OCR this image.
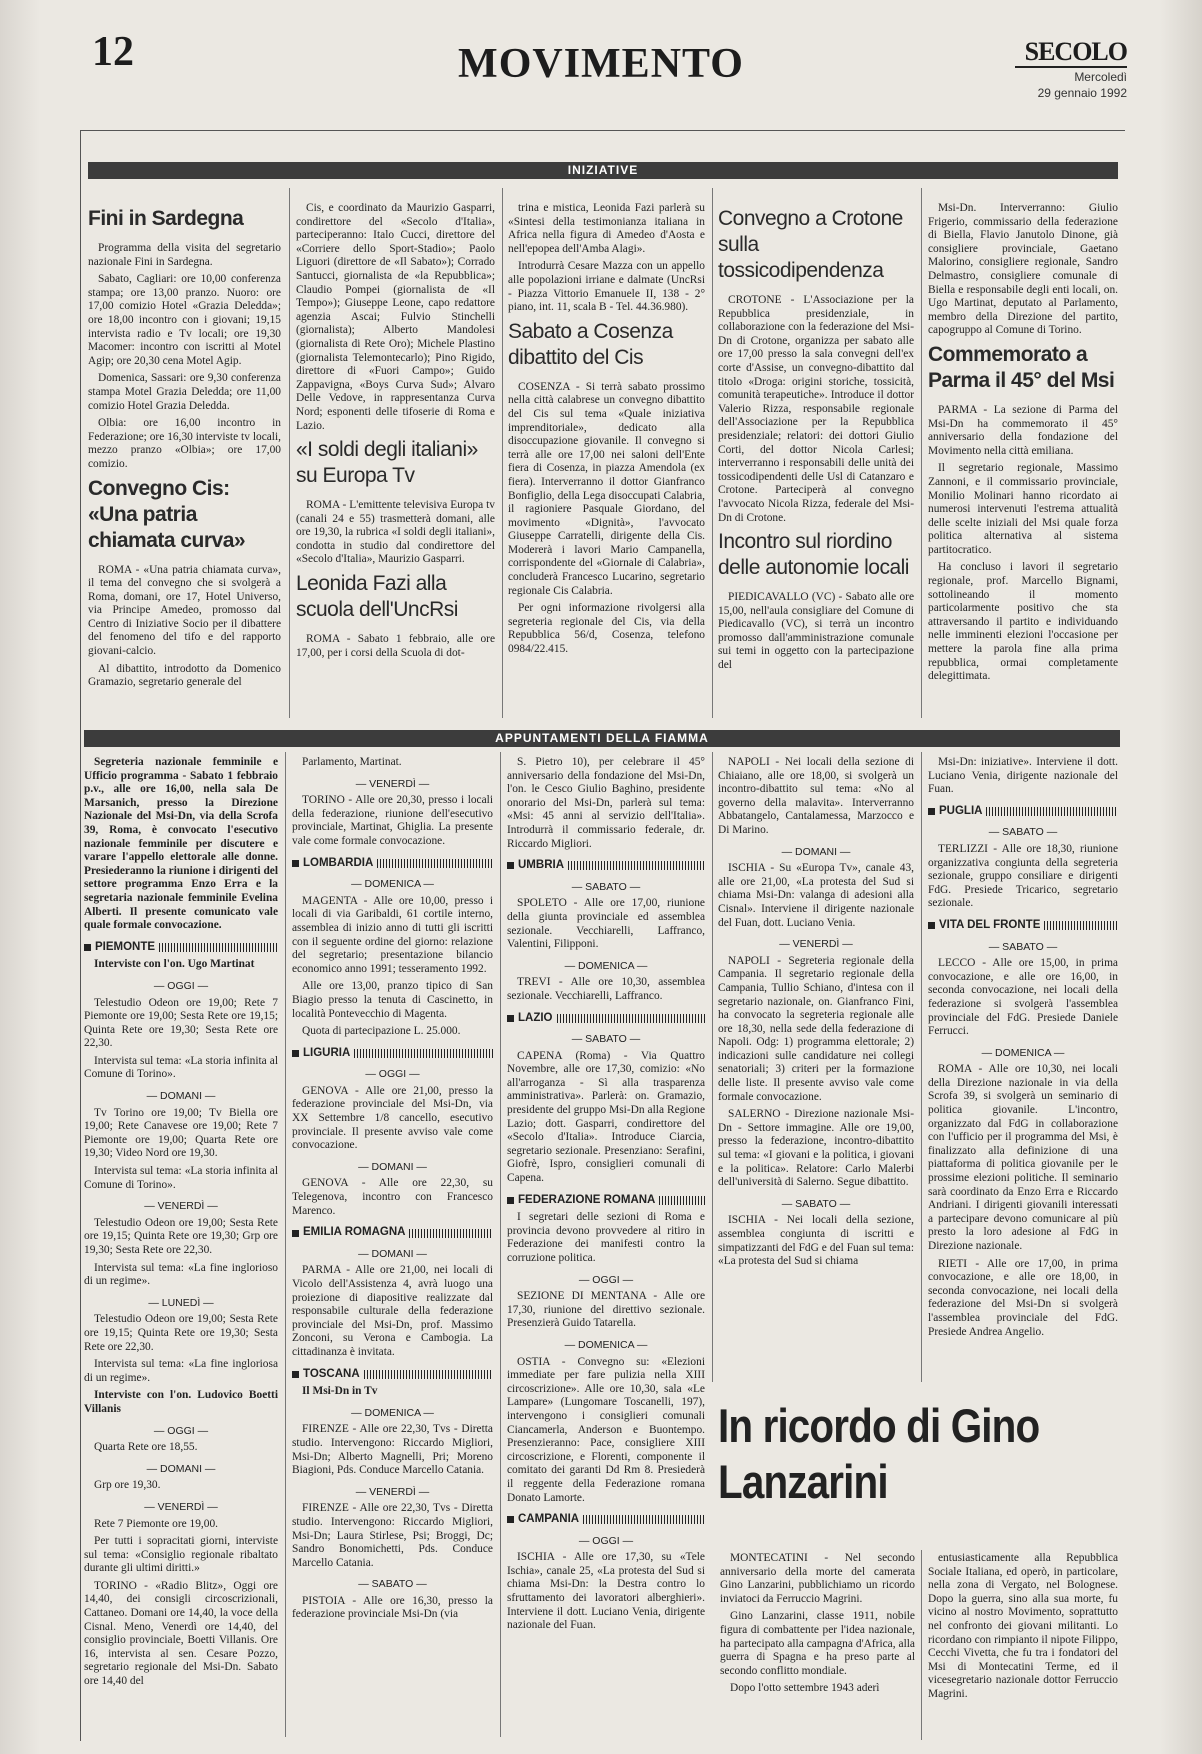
12	MOVIMENTO	SECOLO
Mercoledì
29 gennaio 1992
INIZIATIVE
Fini in Sardegna

Programma della visita del segretario nazionale Fini in Sardegna.

Sabato, Cagliari: ore 10,00 conferenza stampa; ore 13,00 pranzo. Nuoro: ore 17,00 comizio Hotel «Grazia Deledda»; ore 18,00 incontro con i giovani; 19,15 intervista radio e Tv locali; ore 19,30 Macomer: incontro con iscritti al Motel Agip; ore 20,30 cena Motel Agip.

Domenica, Sassari: ore 9,30 conferenza stampa Motel Grazia Deledda; ore 11,00 comizio Hotel Grazia Deledda.

Olbia: ore 16,00 incontro in Federazione; ore 16,30 interviste tv locali, mezzo pranzo «Olbia»; ore 17,00 comizio.

Convegno Cis: «Una patria chiamata curva»

ROMA - «Una patria chiamata curva», il tema del convegno che si svolgerà a Roma, domani, ore 17, Hotel Universo, via Principe Amedeo, promosso dal Centro di Iniziative Socio per il dibattere del fenomeno del tifo e del rapporto giovani-calcio.

Al dibattito, introdotto da Domenico Gramazio, segretario generale del

Cis, e coordinato da Maurizio Gasparri, condirettore del «Secolo d'Italia», parteciperanno: Italo Cucci, direttore del «Corriere dello Sport-Stadio»; Paolo Liguori (direttore de «Il Sabato»); Corrado Santucci, giornalista de «la Repubblica»; Claudio Pompei (giornalista de «Il Tempo»); Giuseppe Leone, capo redattore agenzia Ascai; Fulvio Stinchelli (giornalista); Alberto Mandolesi (giornalista di Rete Oro); Michele Plastino (giornalista Telemontecarlo); Pino Rigido, direttore di «Fuori Campo»; Guido Zappavigna, «Boys Curva Sud»; Alvaro Delle Vedove, in rappresentanza Curva Nord; esponenti delle tifoserie di Roma e Lazio.

«I soldi degli italiani» su Europa Tv

ROMA - L'emittente televisiva Europa tv (canali 24 e 55) trasmetterà domani, alle ore 19,30, la rubrica «I soldi degli italiani», condotta in studio dal condirettore del «Secolo d'Italia», Maurizio Gasparri.

Leonida Fazi alla scuola dell'UncRsi

ROMA - Sabato 1 febbraio, alle ore 17,00, per i corsi della Scuola di dot-

trina e mistica, Leonida Fazi parlerà su «Sintesi della testimonianza italiana in Africa nella figura di Amedeo d'Aosta e nell'epopea dell'Amba Alagi».

Introdurrà Cesare Mazza con un appello alle popolazioni irriane e dalmate (UncRsi - Piazza Vittorio Emanuele II, 138 - 2° piano, int. 11, scala B - Tel. 44.36.980).

Sabato a Cosenza dibattito del Cis

COSENZA - Si terrà sabato prossimo nella città calabrese un convegno dibattito del Cis sul tema «Quale iniziativa imprenditoriale», dedicato alla disoccupazione giovanile. Il convegno si terrà alle ore 17,00 nei saloni dell'Ente fiera di Cosenza, in piazza Amendola (ex fiera). Interverranno il dottor Gianfranco Bonfiglio, della Lega disoccupati Calabria, il ragioniere Pasquale Giordano, del movimento «Dignità», l'avvocato Giuseppe Carratelli, dirigente della Cis. Modererà i lavori Mario Campanella, corrispondente del «Giornale di Calabria», concluderà Francesco Lucarino, segretario regionale Cis Calabria.

Per ogni informazione rivolgersi alla segreteria regionale del Cis, via della Repubblica 56/d, Cosenza, telefono 0984/22.415.

Convegno a Crotone sulla tossicodipendenza

CROTONE - L'Associazione per la Repubblica presidenziale, in collaborazione con la federazione del Msi-Dn di Crotone, organizza per sabato alle ore 17,00 presso la sala convegni dell'ex corte d'Assise, un convegno-dibattito dal titolo «Droga: origini storiche, tossicità, comunità terapeutiche». Introduce il dottor Valerio Rizza, responsabile regionale dell'Associazione per la Repubblica presidenziale; relatori: dei dottori Giulio Corti, del dottor Nicola Carlesi; interverranno i responsabili delle unità dei tossicodipendenti delle Usl di Catanzaro e Crotone. Parteciperà al convegno l'avvocato Nicola Rizza, federale del Msi-Dn di Crotone.

Incontro sul riordino delle autonomie locali

PIEDICAVALLO (VC) - Sabato alle ore 15,00, nell'aula consigliare del Comune di Piedicavallo (VC), si terrà un incontro promosso dall'amministrazione comunale sui temi in oggetto con la partecipazione del

Msi-Dn. Interverranno: Giulio Frigerio, commissario della federazione di Biella, Flavio Janutolo Dinone, già consigliere provinciale, Gaetano Malorino, consigliere regionale, Sandro Delmastro, consigliere comunale di Biella e responsabile degli enti locali, on. Ugo Martinat, deputato al Parlamento, membro della Direzione del partito, capogruppo al Comune di Torino.

Commemorato a Parma il 45° del Msi

PARMA - La sezione di Parma del Msi-Dn ha commemorato il 45° anniversario della fondazione del Movimento nella città emiliana.

Il segretario regionale, Massimo Zannoni, e il commissario provinciale, Monilio Molinari hanno ricordato ai numerosi intervenuti l'estrema attualità delle scelte iniziali del Msi quale forza politica alternativa al sistema partitocratico.

Ha concluso i lavori il segretario regionale, prof. Marcello Bignami, sottolineando il momento particolarmente positivo che sta attraversando il partito e individuando nelle imminenti elezioni l'occasione per mettere la parola fine alla prima repubblica, ormai completamente delegittimata.

APPUNTAMENTI DELLA FIAMMA

Segreteria nazionale femminile e Ufficio programma - Sabato 1 febbraio p.v., alle ore 16,00, nella sala De Marsanich, presso la Direzione Nazionale del Msi-Dn, via della Scrofa 39, Roma, è convocato l'esecutivo nazionale femminile per discutere e varare l'appello elettorale alle donne. Presiederanno la riunione i dirigenti del settore programma Enzo Erra e la segretaria nazionale femminile Evelina Alberti. Il presente comunicato vale quale formale convocazione.

PIEMONTE

Interviste con l'on. Ugo Martinat

— OGGI —

Telestudio Odeon ore 19,00; Rete 7 Piemonte ore 19,00; Sesta Rete ore 19,15; Quinta Rete ore 19,30; Sesta Rete ore 22,30.

Intervista sul tema: «La storia infinita al Comune di Torino».

— DOMANI —

Tv Torino ore 19,00; Tv Biella ore 19,00; Rete Canavese ore 19,00; Rete 7 Piemonte ore 19,00; Quarta Rete ore 19,30; Video Nord ore 19,30.

Intervista sul tema: «La storia infinita al Comune di Torino».

— VENERDÌ —

Telestudio Odeon ore 19,00; Sesta Rete ore 19,15; Quinta Rete ore 19,30; Grp ore 19,30; Sesta Rete ore 22,30.

Intervista sul tema: «La fine inglorioso di un regime».

— LUNEDÌ —

Telestudio Odeon ore 19,00; Sesta Rete ore 19,15; Quinta Rete ore 19,30; Sesta Rete ore 22,30.

Intervista sul tema: «La fine ingloriosa di un regime».

Interviste con l'on. Ludovico Boetti Villanis

— OGGI —

Quarta Rete ore 18,55.

— DOMANI —

Grp ore 19,30.

— VENERDÌ —

Rete 7 Piemonte ore 19,00.

Per tutti i sopracitati giorni, interviste sul tema: «Consiglio regionale ribaltato durante gli ultimi diritti.»

TORINO - «Radio Blitz», Oggi ore 14,40, dei consigli circoscrizionali, Cattaneo. Domani ore 14,40, la voce della Cisnal. Meno, Venerdì ore 14,40, del consiglio provinciale, Boetti Villanis. Ore 16, intervista al sen. Cesare Pozzo, segretario regionale del Msi-Dn. Sabato ore 14,40 del

Parlamento, Martinat.

— VENERDÌ —

TORINO - Alle ore 20,30, presso i locali della federazione, riunione dell'esecutivo provinciale, Martinat, Ghiglia. La presente vale come formale convocazione.

LOMBARDIA
— DOMENICA —

MAGENTA - Alle ore 10,00, presso i locali di via Garibaldi, 61 cortile interno, assemblea di inizio anno di tutti gli iscritti con il seguente ordine del giorno: relazione del segretario; presentazione bilancio economico anno 1991; tesseramento 1992.

Alle ore 13,00, pranzo tipico di San Biagio presso la tenuta di Cascinetto, in località Pontevecchio di Magenta.

Quota di partecipazione L. 25.000.

LIGURIA
— OGGI —

GENOVA - Alle ore 21,00, presso la federazione provinciale del Msi-Dn, via XX Settembre 1/8 cancello, esecutivo provinciale. Il presente avviso vale come convocazione.

— DOMANI —

GENOVA - Alle ore 22,30, su Telegenova, incontro con Francesco Marenco.

EMILIA ROMAGNA
— DOMANI —

PARMA - Alle ore 21,00, nei locali di Vicolo dell'Assistenza 4, avrà luogo una proiezione di diapositive realizzate dal responsabile culturale della federazione provinciale del Msi-Dn, prof. Massimo Zonconi, su Verona e Cambogia. La cittadinanza è invitata.

TOSCANA

Il Msi-Dn in Tv

— DOMENICA —

FIRENZE - Alle ore 22,30, Tvs - Diretta studio. Intervengono: Riccardo Migliori, Msi-Dn; Alberto Magnelli, Pri; Moreno Biagioni, Pds. Conduce Marcello Catania.

— VENERDÌ —

FIRENZE - Alle ore 22,30, Tvs - Diretta studio. Intervengono: Riccardo Migliori, Msi-Dn; Laura Stirlese, Psi; Broggi, Dc; Sandro Bonomichetti, Pds. Conduce Marcello Catania.

— SABATO —

PISTOIA - Alle ore 16,30, presso la federazione provinciale Msi-Dn (via

S. Pietro 10), per celebrare il 45° anniversario della fondazione del Msi-Dn, l'on. le Cesco Giulio Baghino, presidente onorario del Msi-Dn, parlerà sul tema: «Msi: 45 anni al servizio dell'Italia». Introdurrà il commissario federale, dr. Riccardo Migliori.

UMBRIA
— SABATO —

SPOLETO - Alle ore 17,00, riunione della giunta provinciale ed assemblea sezionale. Vecchiarelli, Laffranco, Valentini, Filipponi.

— DOMENICA —

TREVI - Alle ore 10,30, assemblea sezionale. Vecchiarelli, Laffranco.

LAZIO
— SABATO —

CAPENA (Roma) - Via Quattro Novembre, alle ore 17,30, comizio: «No all'arroganza - Sì alla trasparenza amministrativa». Parlerà: on. Gramazio, presidente del gruppo Msi-Dn alla Regione Lazio; dott. Gasparri, condirettore del «Secolo d'Italia». Introduce Ciarcia, segretario sezionale. Presenziano: Serafini, Giofrè, Ispro, consiglieri comunali di Capena.

FEDERAZIONE ROMANA

I segretari delle sezioni di Roma e provincia devono provvedere al ritiro in Federazione dei manifesti contro la corruzione politica.

— OGGI —

SEZIONE DI MENTANA - Alle ore 17,30, riunione del direttivo sezionale. Presenzierà Guido Tatarella.

— DOMENICA —

OSTIA - Convegno su: «Elezioni immediate per fare pulizia nella XIII circoscrizione». Alle ore 10,30, sala «Le Lampare» (Lungomare Toscanelli, 197), intervengono i consiglieri comunali Ciancamerla, Anderson e Buontempo. Presenzieranno: Pace, consigliere XIII circoscrizione, e Florenti, componente il comitato dei garanti Dd Rm 8. Presiederà il reggente della Federazione romana Donato Lamorte.

CAMPANIA
— OGGI —

ISCHIA - Alle ore 17,30, su «Tele Ischia», canale 25, «La protesta del Sud si chiama Msi-Dn: la Destra contro lo sfruttamento dei lavoratori alberghieri». Interviene il dott. Luciano Venia, dirigente nazionale del Fuan.

NAPOLI - Nei locali della sezione di Chiaiano, alle ore 18,00, si svolgerà un incontro-dibattito sul tema: «No al governo della malavita». Interverranno Abbatangelo, Cantalamessa, Marzocco e Di Marino.

— DOMANI —

ISCHIA - Su «Europa Tv», canale 43, alle ore 21,00, «La protesta del Sud si chiama Msi-Dn: valanga di adesioni alla Cisnal». Interviene il dirigente nazionale del Fuan, dott. Luciano Venia.

— VENERDÌ —

NAPOLI - Segreteria regionale della Campania. Il segretario regionale della Campania, Tullio Schiano, d'intesa con il segretario nazionale, on. Gianfranco Fini, ha convocato la segreteria regionale alle ore 18,30, nella sede della federazione di Napoli. Odg: 1) programma elettorale; 2) indicazioni sulle candidature nei collegi senatoriali; 3) criteri per la formazione delle liste. Il presente avviso vale come formale convocazione.

SALERNO - Direzione nazionale Msi-Dn - Settore immagine. Alle ore 19,00, presso la federazione, incontro-dibattito sul tema: «I giovani e la politica, i giovani e la politica». Relatore: Carlo Malerbi dell'università di Salerno. Segue dibattito.

— SABATO —

ISCHIA - Nei locali della sezione, assemblea congiunta di iscritti e simpatizzanti del FdG e del Fuan sul tema: «La protesta del Sud si chiama

Msi-Dn: iniziative». Interviene il dott. Luciano Venia, dirigente nazionale del Fuan.

PUGLIA
— SABATO —

TERLIZZI - Alle ore 18,30, riunione organizzativa congiunta della segreteria sezionale, gruppo consiliare e dirigenti FdG. Presiede Tricarico, segretario sezionale.

VITA DEL FRONTE
— SABATO —

LECCO - Alle ore 15,00, in prima convocazione, e alle ore 16,00, in seconda convocazione, nei locali della federazione si svolgerà l'assemblea provinciale del FdG. Presiede Daniele Ferrucci.

— DOMENICA —

ROMA - Alle ore 10,30, nei locali della Direzione nazionale in via della Scrofa 39, si svolgerà un seminario di politica giovanile. L'incontro, organizzato dal FdG in collaborazione con l'ufficio per il programma del Msi, è finalizzato alla definizione di una piattaforma di politica giovanile per le prossime elezioni politiche. Il seminario sarà coordinato da Enzo Erra e Riccardo Andriani. I dirigenti giovanili interessati a partecipare devono comunicare al più presto la loro adesione al FdG in Direzione nazionale.

RIETI - Alle ore 17,00, in prima convocazione, e alle ore 18,00, in seconda convocazione, nei locali della federazione del Msi-Dn si svolgerà l'assemblea provinciale del FdG. Presiede Andrea Angelio.

In ricordo di Gino Lanzarini

MONTECATINI - Nel secondo anniversario della morte del camerata Gino Lanzarini, pubblichiamo un ricordo inviatoci da Ferruccio Magrini.

Gino Lanzarini, classe 1911, nobile figura di combattente per l'idea nazionale, ha partecipato alla campagna d'Africa, alla guerra di Spagna e ha preso parte al secondo conflitto mondiale.

Dopo l'otto settembre 1943 aderì

entusiasticamente alla Repubblica Sociale Italiana, ed operò, in particolare, nella zona di Vergato, nel Bolognese. Dopo la guerra, sino alla sua morte, fu vicino al nostro Movimento, soprattutto nel confronto dei giovani militanti. Lo ricordano con rimpianto il nipote Filippo, Cecchi Vivetta, che fu tra i fondatori del Msi di Montecatini Terme, ed il vicesegretario nazionale dottor Ferruccio Magrini.
